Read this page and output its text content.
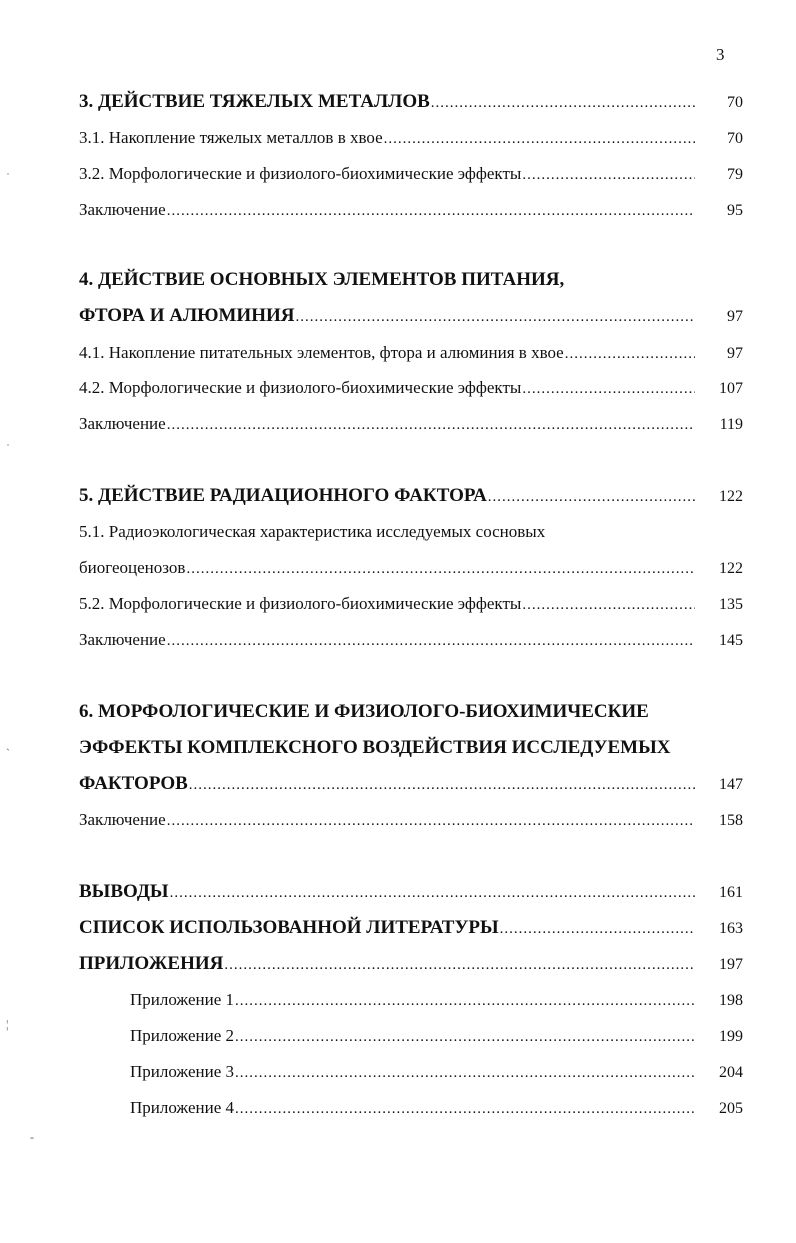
3
3. ДЕЙСТВИЕ ТЯЖЕЛЫХ МЕТАЛЛОВ .....	70
3.1. Накопление тяжелых металлов в хвое .....	70
3.2. Морфологические и физиолого-биохимические эффекты .....	79
Заключение .....	95
4. ДЕЙСТВИЕ ОСНОВНЫХ ЭЛЕМЕНТОВ ПИТАНИЯ,
ФТОРА И АЛЮМИНИЯ .....	97
4.1. Накопление питательных элементов, фтора и алюминия в хвое .....	97
4.2. Морфологические и физиолого-биохимические эффекты .....	107
Заключение .....	119
5. ДЕЙСТВИЕ РАДИАЦИОННОГО ФАКТОРА .....	122
5.1. Радиоэкологическая характеристика исследуемых сосновых
биогеоценозов .....	122
5.2. Морфологические и физиолого-биохимические эффекты .....	135
Заключение .....	145
6. МОРФОЛОГИЧЕСКИЕ И ФИЗИОЛОГО-БИОХИМИЧЕСКИЕ
ЭФФЕКТЫ КОМПЛЕКСНОГО ВОЗДЕЙСТВИЯ ИССЛЕДУЕМЫХ
ФАКТОРОВ .....	147
Заключение .....	158
ВЫВОДЫ .....	161
СПИСОК ИСПОЛЬЗОВАННОЙ ЛИТЕРАТУРЫ .....	163
ПРИЛОЖЕНИЯ .....	197
Приложение 1 .....	198
Приложение 2 .....	199
Приложение 3 .....	204
Приложение 4 .....	205
˙
˙
ˏ
¦
-
